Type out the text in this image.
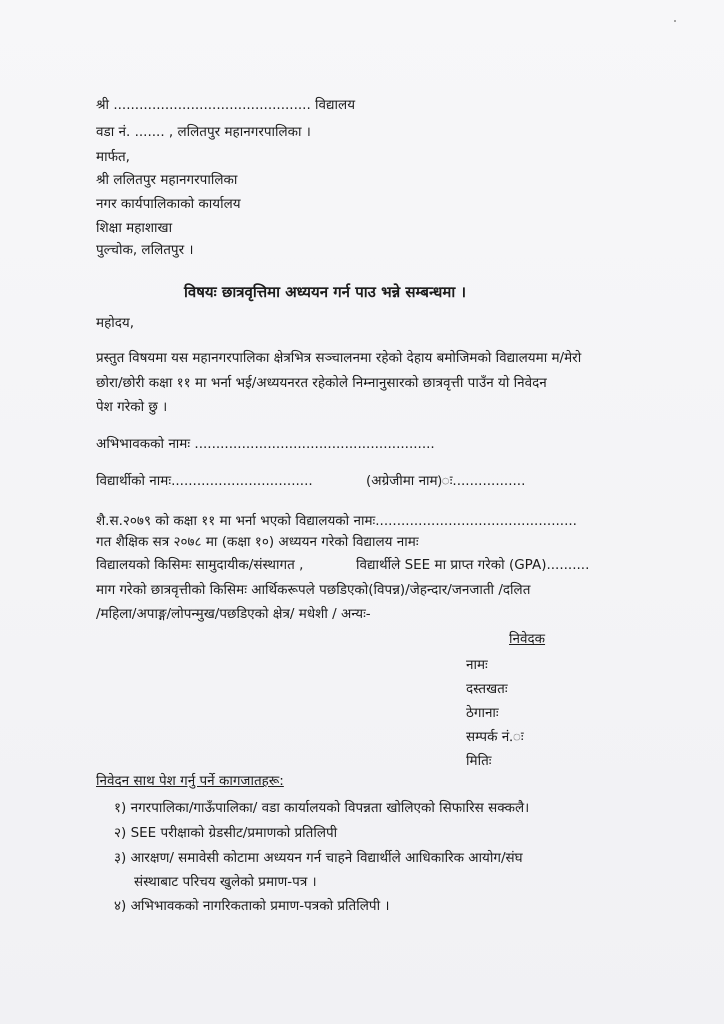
श्री .............................................. विद्यालय
वडा नं. ....... , ललितपुर महानगरपालिका ।
मार्फत,
श्री ललितपुर महानगरपालिका
नगर कार्यपालिकाको कार्यालय
शिक्षा महाशाखा
पुल्चोक, ललितपुर ।
विषयः छात्रवृत्तिमा अध्ययन गर्न पाउ भन्ने सम्बन्धमा ।
महोदय,
प्रस्तुत विषयमा यस महानगरपालिका क्षेत्रभित्र सञ्चालनमा रहेको देहाय बमोजिमको विद्यालयमा म/मेरो
छोरा/छोरी कक्षा ११ मा भर्ना भई/अध्ययनरत रहेकोले निम्नानुसारको छात्रवृत्ती पाउँन यो निवेदन
पेश गरेको छु ।
अभिभावकको नामः ........................................................
विद्यार्थीको नामः.................................	(अग्रेजीमा नाम)ः.................
शै.स.२०७९ को कक्षा ११ मा भर्ना भएको विद्यालयको नामः...............................................
गत शैक्षिक सत्र २०७८ मा (कक्षा १०) अध्ययन गरेको विद्यालय नामः
विद्यालयको किसिमः सामुदायीक/संस्थागत ,	विद्यार्थीले SEE मा प्राप्त गरेको (GPA)..........
माग गरेको छात्रवृत्तीको किसिमः आर्थिकरूपले पछडिएको(विपन्न)/जेहन्दार/जनजाती /दलित
/महिला/अपाङ्ग/लोपन्मुख/पछडिएको क्षेत्र/ मधेशी / अन्यः-
निवेदक
नामः
दस्तखतः
ठेगानाः
सम्पर्क नं.ः
मितिः
निवेदन साथ पेश गर्नु पर्ने कागजातहरू:
१) नगरपालिका/गाऊँपालिका/ वडा कार्यालयको विपन्नता खोलिएको सिफारिस सक्कलै।
२) SEE परीक्षाको ग्रेडसीट/प्रमाणको प्रतिलिपी
३) आरक्षण/ समावेसी कोटामा अध्ययन गर्न चाहने विद्यार्थीले आधिकारिक आयोग/संघ
संस्थाबाट परिचय खुलेको प्रमाण-पत्र ।
४) अभिभावकको नागरिकताको प्रमाण-पत्रको प्रतिलिपी ।
